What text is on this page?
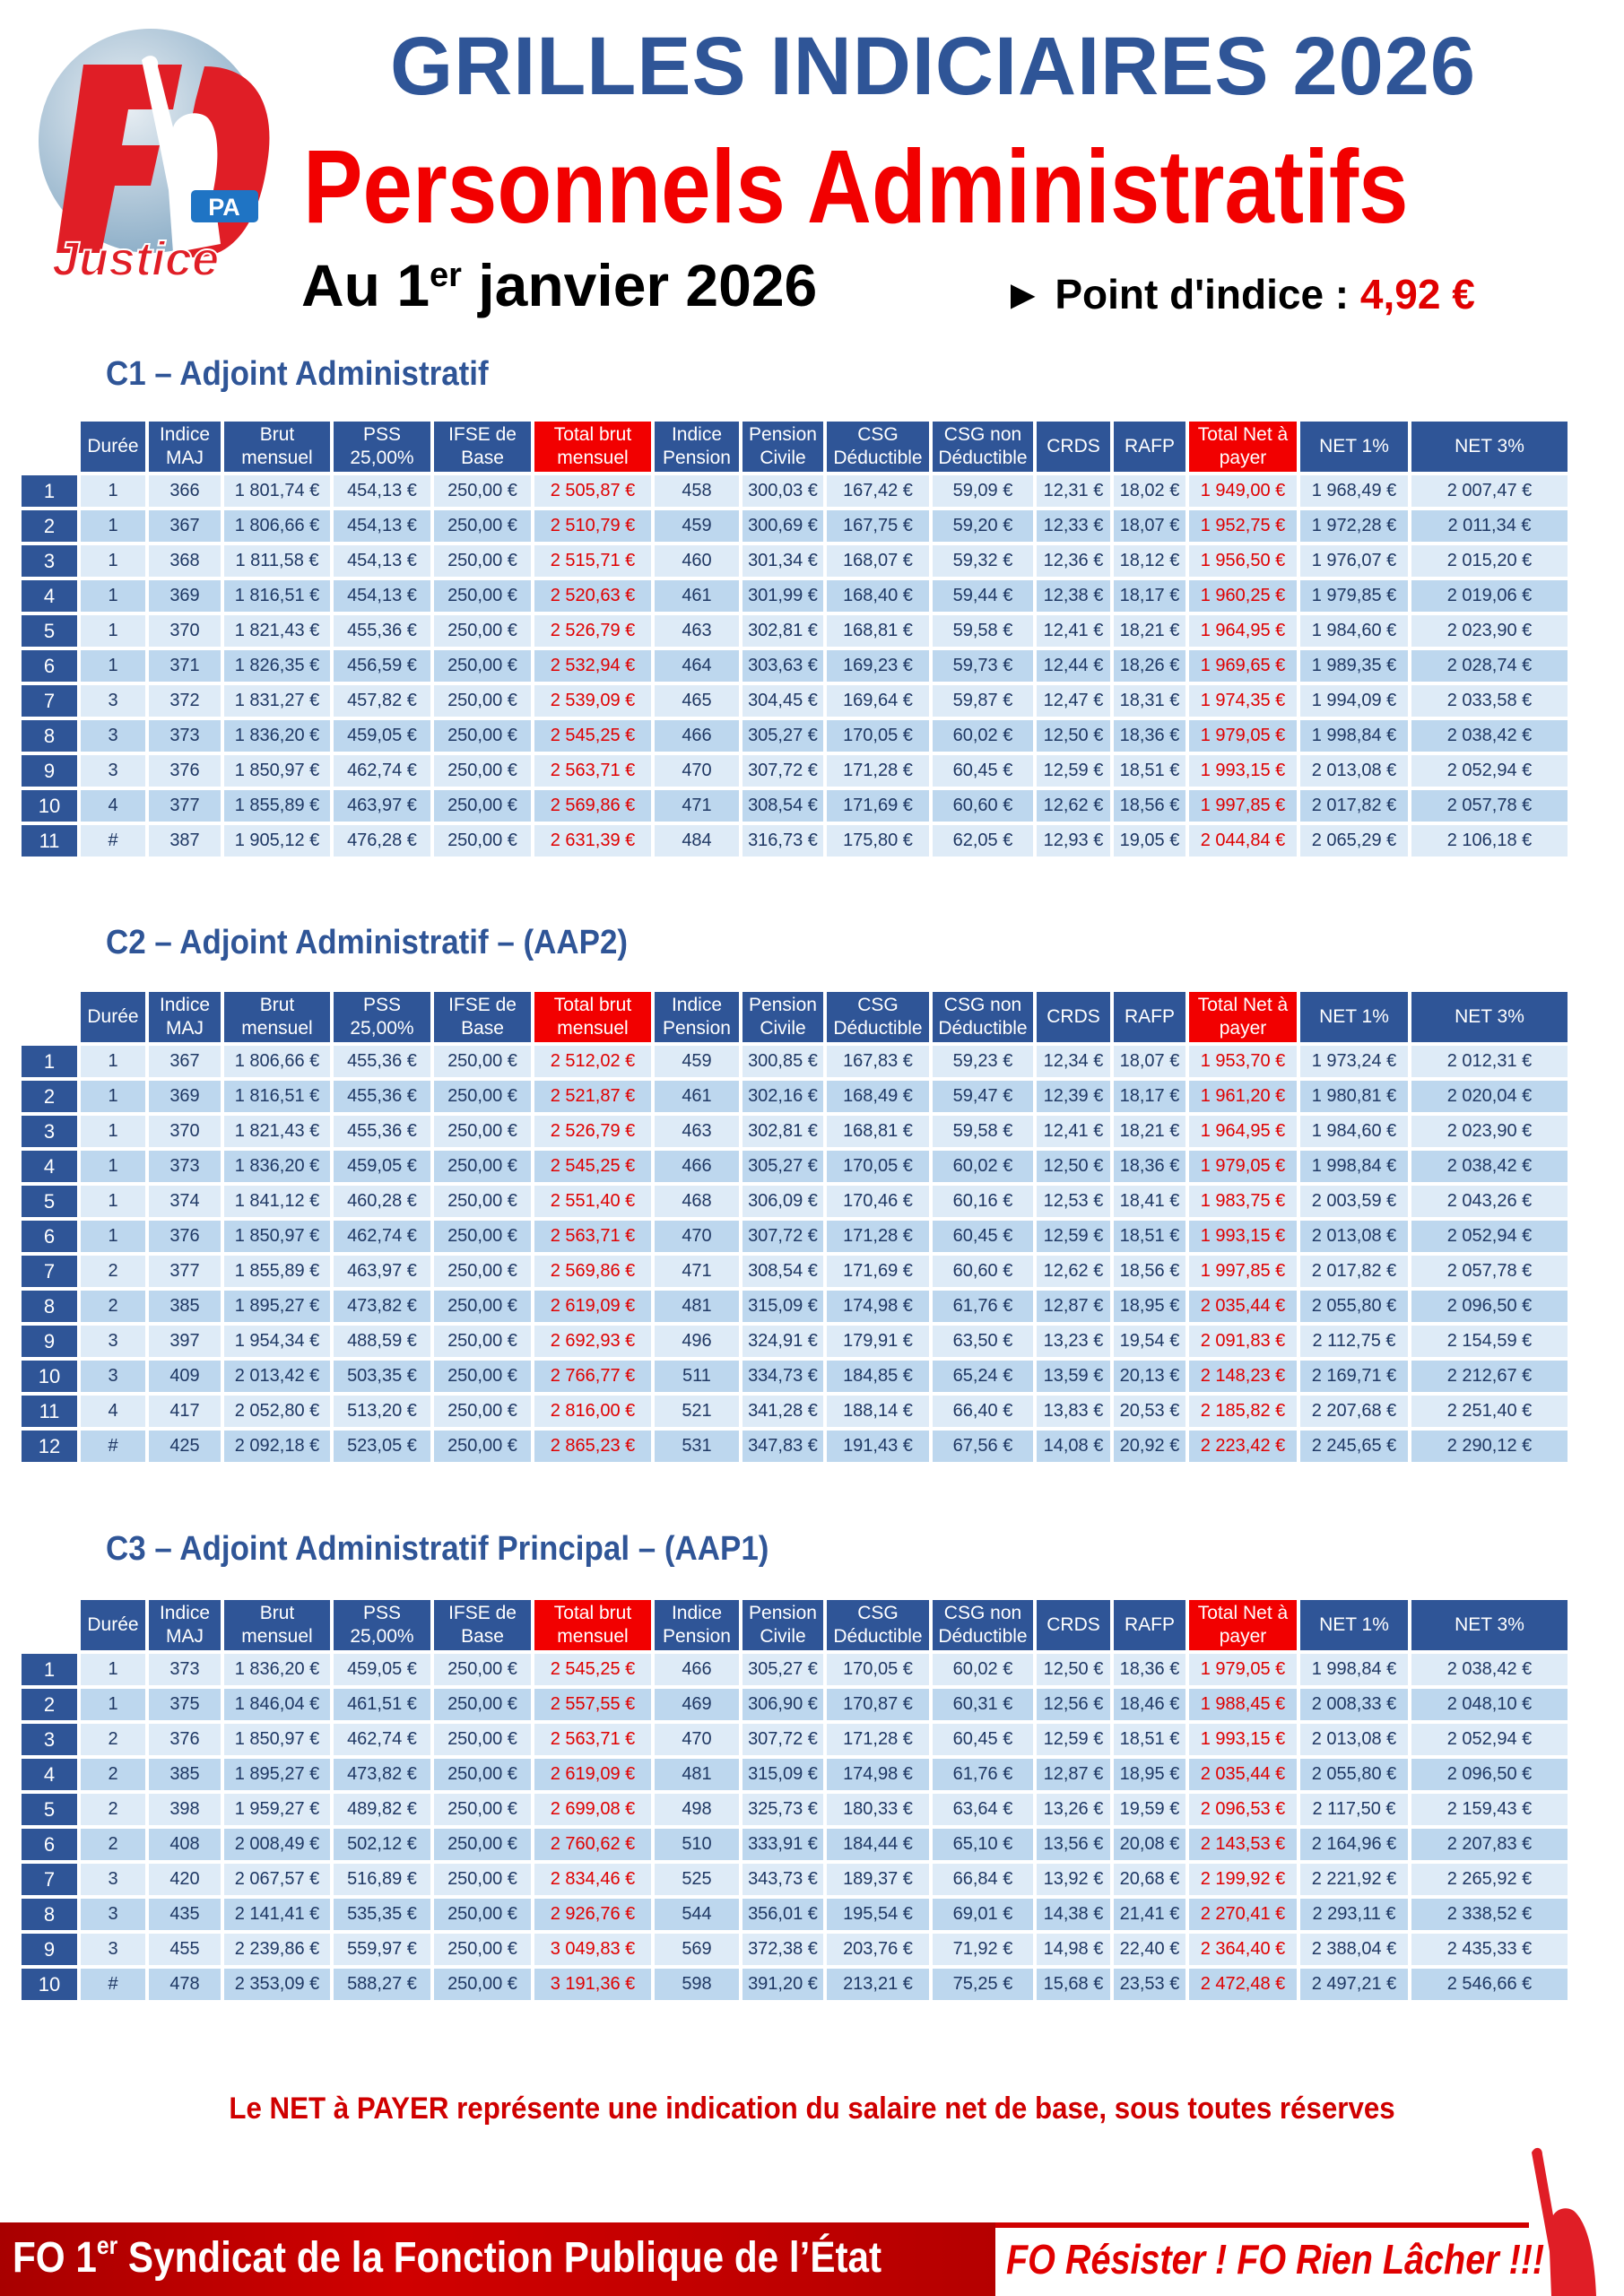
PA
Justice
GRILLES INDICIAIRES 2026
Personnels Administratifs
Au 1er janvier 2026	► Point d'indice : 4,92 €
C1 – Adjoint Administratif
C2 – Adjoint Administratif – (AAP2)
C3 – Adjoint Administratif Principal – (AAP1)
	Durée	Indice MAJ	Brut mensuel	PSS 25,00%	IFSE de Base	Total brut mensuel	Indice Pension	Pension Civile	CSG Déductible	CSG non Déductible	CRDS	RAFP	Total Net à payer	NET 1%	NET 3%
1	1	366	1 801,74 €	454,13 €	250,00 €	2 505,87 €	458	300,03 €	167,42 €	59,09 €	12,31 €	18,02 €	1 949,00 €	1 968,49 €	2 007,47 €
2	1	367	1 806,66 €	454,13 €	250,00 €	2 510,79 €	459	300,69 €	167,75 €	59,20 €	12,33 €	18,07 €	1 952,75 €	1 972,28 €	2 011,34 €
3	1	368	1 811,58 €	454,13 €	250,00 €	2 515,71 €	460	301,34 €	168,07 €	59,32 €	12,36 €	18,12 €	1 956,50 €	1 976,07 €	2 015,20 €
4	1	369	1 816,51 €	454,13 €	250,00 €	2 520,63 €	461	301,99 €	168,40 €	59,44 €	12,38 €	18,17 €	1 960,25 €	1 979,85 €	2 019,06 €
5	1	370	1 821,43 €	455,36 €	250,00 €	2 526,79 €	463	302,81 €	168,81 €	59,58 €	12,41 €	18,21 €	1 964,95 €	1 984,60 €	2 023,90 €
6	1	371	1 826,35 €	456,59 €	250,00 €	2 532,94 €	464	303,63 €	169,23 €	59,73 €	12,44 €	18,26 €	1 969,65 €	1 989,35 €	2 028,74 €
7	3	372	1 831,27 €	457,82 €	250,00 €	2 539,09 €	465	304,45 €	169,64 €	59,87 €	12,47 €	18,31 €	1 974,35 €	1 994,09 €	2 033,58 €
8	3	373	1 836,20 €	459,05 €	250,00 €	2 545,25 €	466	305,27 €	170,05 €	60,02 €	12,50 €	18,36 €	1 979,05 €	1 998,84 €	2 038,42 €
9	3	376	1 850,97 €	462,74 €	250,00 €	2 563,71 €	470	307,72 €	171,28 €	60,45 €	12,59 €	18,51 €	1 993,15 €	2 013,08 €	2 052,94 €
10	4	377	1 855,89 €	463,97 €	250,00 €	2 569,86 €	471	308,54 €	171,69 €	60,60 €	12,62 €	18,56 €	1 997,85 €	2 017,82 €	2 057,78 €
11	#	387	1 905,12 €	476,28 €	250,00 €	2 631,39 €	484	316,73 €	175,80 €	62,05 €	12,93 €	19,05 €	2 044,84 €	2 065,29 €	2 106,18 €
	Durée	Indice MAJ	Brut mensuel	PSS 25,00%	IFSE de Base	Total brut mensuel	Indice Pension	Pension Civile	CSG Déductible	CSG non Déductible	CRDS	RAFP	Total Net à payer	NET 1%	NET 3%
1	1	367	1 806,66 €	455,36 €	250,00 €	2 512,02 €	459	300,85 €	167,83 €	59,23 €	12,34 €	18,07 €	1 953,70 €	1 973,24 €	2 012,31 €
2	1	369	1 816,51 €	455,36 €	250,00 €	2 521,87 €	461	302,16 €	168,49 €	59,47 €	12,39 €	18,17 €	1 961,20 €	1 980,81 €	2 020,04 €
3	1	370	1 821,43 €	455,36 €	250,00 €	2 526,79 €	463	302,81 €	168,81 €	59,58 €	12,41 €	18,21 €	1 964,95 €	1 984,60 €	2 023,90 €
4	1	373	1 836,20 €	459,05 €	250,00 €	2 545,25 €	466	305,27 €	170,05 €	60,02 €	12,50 €	18,36 €	1 979,05 €	1 998,84 €	2 038,42 €
5	1	374	1 841,12 €	460,28 €	250,00 €	2 551,40 €	468	306,09 €	170,46 €	60,16 €	12,53 €	18,41 €	1 983,75 €	2 003,59 €	2 043,26 €
6	1	376	1 850,97 €	462,74 €	250,00 €	2 563,71 €	470	307,72 €	171,28 €	60,45 €	12,59 €	18,51 €	1 993,15 €	2 013,08 €	2 052,94 €
7	2	377	1 855,89 €	463,97 €	250,00 €	2 569,86 €	471	308,54 €	171,69 €	60,60 €	12,62 €	18,56 €	1 997,85 €	2 017,82 €	2 057,78 €
8	2	385	1 895,27 €	473,82 €	250,00 €	2 619,09 €	481	315,09 €	174,98 €	61,76 €	12,87 €	18,95 €	2 035,44 €	2 055,80 €	2 096,50 €
9	3	397	1 954,34 €	488,59 €	250,00 €	2 692,93 €	496	324,91 €	179,91 €	63,50 €	13,23 €	19,54 €	2 091,83 €	2 112,75 €	2 154,59 €
10	3	409	2 013,42 €	503,35 €	250,00 €	2 766,77 €	511	334,73 €	184,85 €	65,24 €	13,59 €	20,13 €	2 148,23 €	2 169,71 €	2 212,67 €
11	4	417	2 052,80 €	513,20 €	250,00 €	2 816,00 €	521	341,28 €	188,14 €	66,40 €	13,83 €	20,53 €	2 185,82 €	2 207,68 €	2 251,40 €
12	#	425	2 092,18 €	523,05 €	250,00 €	2 865,23 €	531	347,83 €	191,43 €	67,56 €	14,08 €	20,92 €	2 223,42 €	2 245,65 €	2 290,12 €
	Durée	Indice MAJ	Brut mensuel	PSS 25,00%	IFSE de Base	Total brut mensuel	Indice Pension	Pension Civile	CSG Déductible	CSG non Déductible	CRDS	RAFP	Total Net à payer	NET 1%	NET 3%
1	1	373	1 836,20 €	459,05 €	250,00 €	2 545,25 €	466	305,27 €	170,05 €	60,02 €	12,50 €	18,36 €	1 979,05 €	1 998,84 €	2 038,42 €
2	1	375	1 846,04 €	461,51 €	250,00 €	2 557,55 €	469	306,90 €	170,87 €	60,31 €	12,56 €	18,46 €	1 988,45 €	2 008,33 €	2 048,10 €
3	2	376	1 850,97 €	462,74 €	250,00 €	2 563,71 €	470	307,72 €	171,28 €	60,45 €	12,59 €	18,51 €	1 993,15 €	2 013,08 €	2 052,94 €
4	2	385	1 895,27 €	473,82 €	250,00 €	2 619,09 €	481	315,09 €	174,98 €	61,76 €	12,87 €	18,95 €	2 035,44 €	2 055,80 €	2 096,50 €
5	2	398	1 959,27 €	489,82 €	250,00 €	2 699,08 €	498	325,73 €	180,33 €	63,64 €	13,26 €	19,59 €	2 096,53 €	2 117,50 €	2 159,43 €
6	2	408	2 008,49 €	502,12 €	250,00 €	2 760,62 €	510	333,91 €	184,44 €	65,10 €	13,56 €	20,08 €	2 143,53 €	2 164,96 €	2 207,83 €
7	3	420	2 067,57 €	516,89 €	250,00 €	2 834,46 €	525	343,73 €	189,37 €	66,84 €	13,92 €	20,68 €	2 199,92 €	2 221,92 €	2 265,92 €
8	3	435	2 141,41 €	535,35 €	250,00 €	2 926,76 €	544	356,01 €	195,54 €	69,01 €	14,38 €	21,41 €	2 270,41 €	2 293,11 €	2 338,52 €
9	3	455	2 239,86 €	559,97 €	250,00 €	3 049,83 €	569	372,38 €	203,76 €	71,92 €	14,98 €	22,40 €	2 364,40 €	2 388,04 €	2 435,33 €
10	#	478	2 353,09 €	588,27 €	250,00 €	3 191,36 €	598	391,20 €	213,21 €	75,25 €	15,68 €	23,53 €	2 472,48 €	2 497,21 €	2 546,66 €
Le NET à PAYER représente une indication du salaire net de base, sous toutes réserves
FO 1er Syndicat de la Fonction Publique de l’État	FO Résister ! FO Rien Lâcher !!!
